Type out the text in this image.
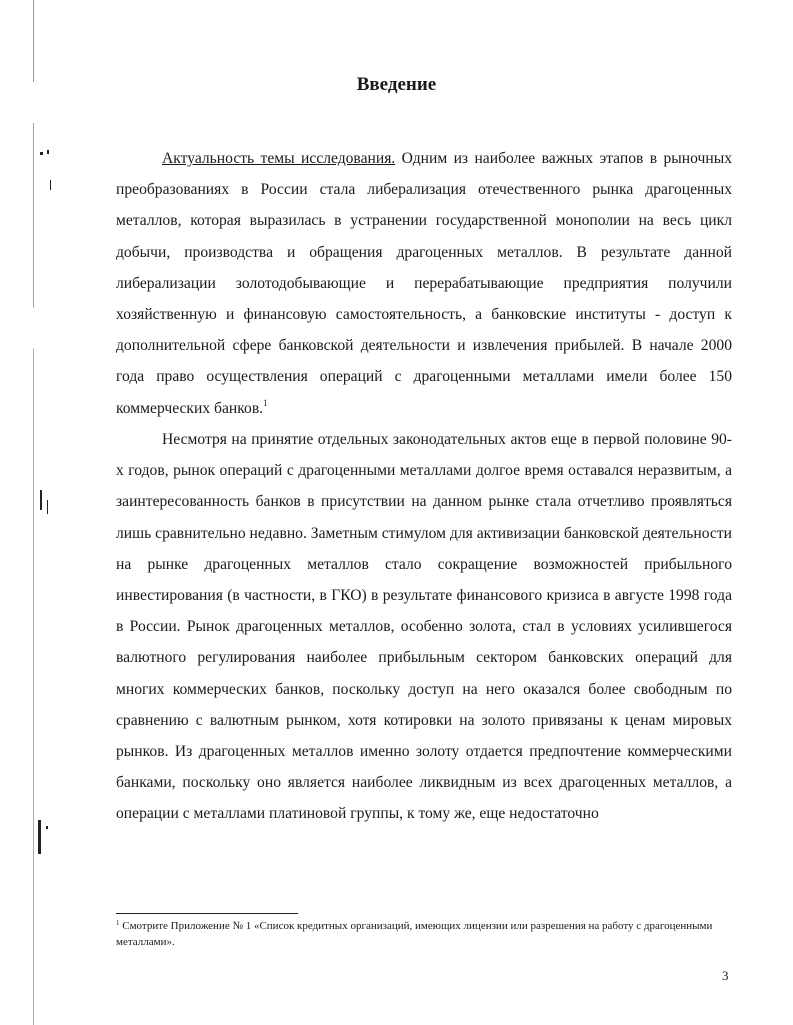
Введение

Актуальность темы исследования. Одним из наиболее важных этапов в рыночных преобразованиях в России стала либерализация отечественного рынка драгоценных металлов, которая выразилась в устранении государственной монополии на весь цикл добычи, производства и обращения драгоценных металлов. В результате данной либерализации золотодобывающие и перерабатывающие предприятия получили хозяйственную и финансовую самостоятельность, а банковские институты - доступ к дополнительной сфере банковской деятельности и извлечения прибылей. В начале 2000 года право осуществления операций с драгоценными металлами имели более 150 коммерческих банков.$^1$

Несмотря на принятие отдельных законодательных актов еще в первой половине 90-х годов, рынок операций с драгоценными металлами долгое время оставался неразвитым, а заинтересованность банков в присутствии на данном рынке стала отчетливо проявляться лишь сравнительно недавно. Заметным стимулом для активизации банковской деятельности на рынке драгоценных металлов стало сокращение возможностей прибыльного инвестирования (в частности, в ГКО) в результате финансового кризиса в августе 1998 года в России. Рынок драгоценных металлов, особенно золота, стал в условиях усилившегося валютного регулирования наиболее прибыльным сектором банковских операций для многих коммерческих банков, поскольку доступ на него оказался более свободным по сравнению с валютным рынком, хотя котировки на золото привязаны к ценам мировых рынков. Из драгоценных металлов именно золоту отдается предпочтение коммерческими банками, поскольку оно является наиболее ликвидным из всех драгоценных металлов, а операции с металлами платиновой группы, к тому же, еще недостаточно

$^1$ Смотрите Приложение № 1 «Список кредитных организаций, имеющих лицензии или разрешения на работу с драгоценными металлами».

3
